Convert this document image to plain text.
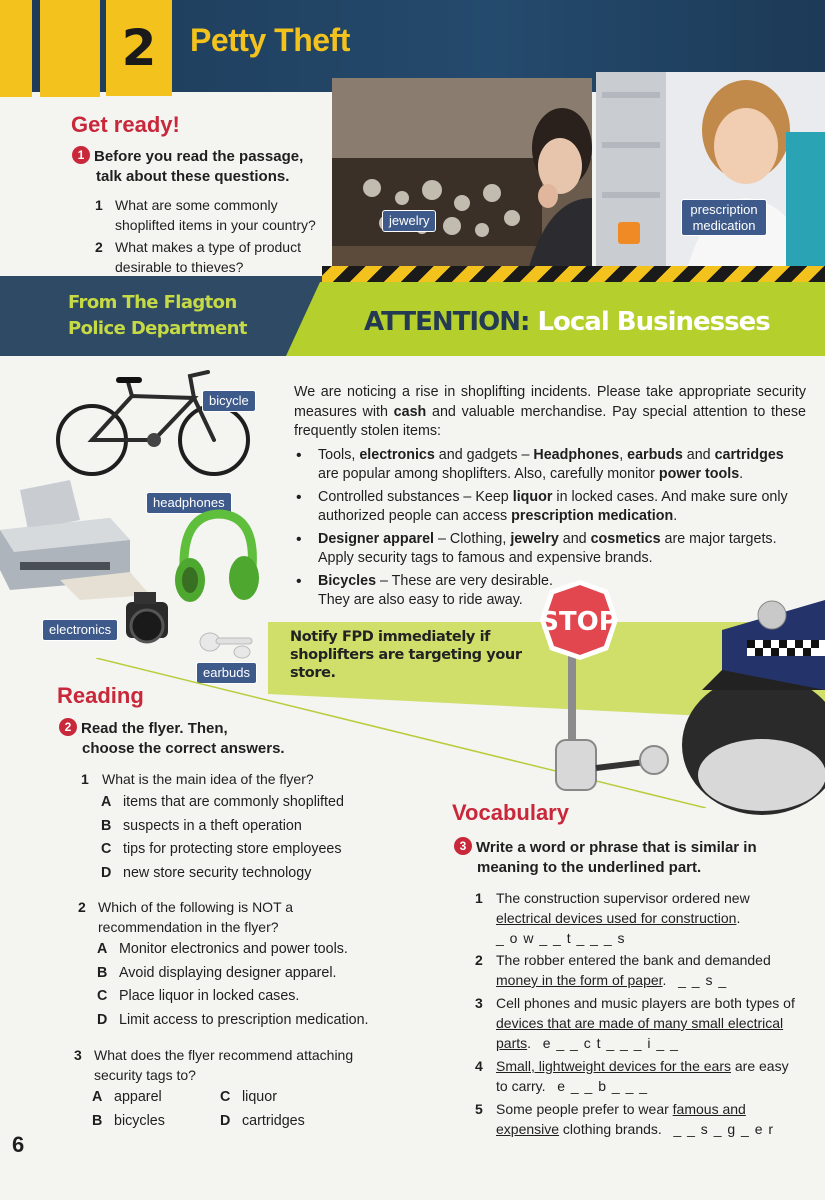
2	Petty Theft
jewelry
prescription
medication
Get ready!
1 Before you read the passage,
talk about these questions.
1 What are some commonly
shoplifted items in your country?
2 What makes a type of product
desirable to thieves?
From The Flagton
Police Department	ATTENTION: Local Businesses
bicycle
headphones
electronics
earbuds

We are noticing a rise in shoplifting incidents. Please take appropriate security measures with cash and valuable merchandise. Pay special attention to these frequently stolen items:

• Tools, electronics and gadgets – Headphones, earbuds and cartridges are popular among shoplifters. Also, carefully monitor power tools.
• Controlled substances – Keep liquor in locked cases. And make sure only authorized people can access prescription medication.
• Designer apparel – Clothing, jewelry and cosmetics are major targets. Apply security tags to famous and expensive brands.
• Bicycles – These are very desirable.
They are also easy to ride away.
Notify FPD immediately if
shoplifters are targeting your
store.
STOP
Reading
2 Read the flyer. Then,
choose the correct answers.
1 What is the main idea of the flyer?
A items that are commonly shoplifted
B suspects in a theft operation
C tips for protecting store employees
D new store security technology
2 Which of the following is NOT a
recommendation in the flyer?
A Monitor electronics and power tools.
B Avoid displaying designer apparel.
C Place liquor in locked cases.
D Limit access to prescription medication.
3 What does the flyer recommend attaching
security tags to?
A apparel	C liquor
B bicycles	D cartridges
Vocabulary
3 Write a word or phrase that is similar in
meaning to the underlined part.
1 The construction supervisor ordered new electrical devices used for construction.
_ o w _ _ t _ _ _ s
2 The robber entered the bank and demanded money in the form of paper. _ _ s _
3 Cell phones and music players are both types of devices that are made of many small electrical parts. e _ _ c t _ _ _ i _ _
4 Small, lightweight devices for the ears are easy to carry. e _ _ b _ _ _
5 Some people prefer to wear famous and expensive clothing brands. _ _ s _ g _ e r
6
